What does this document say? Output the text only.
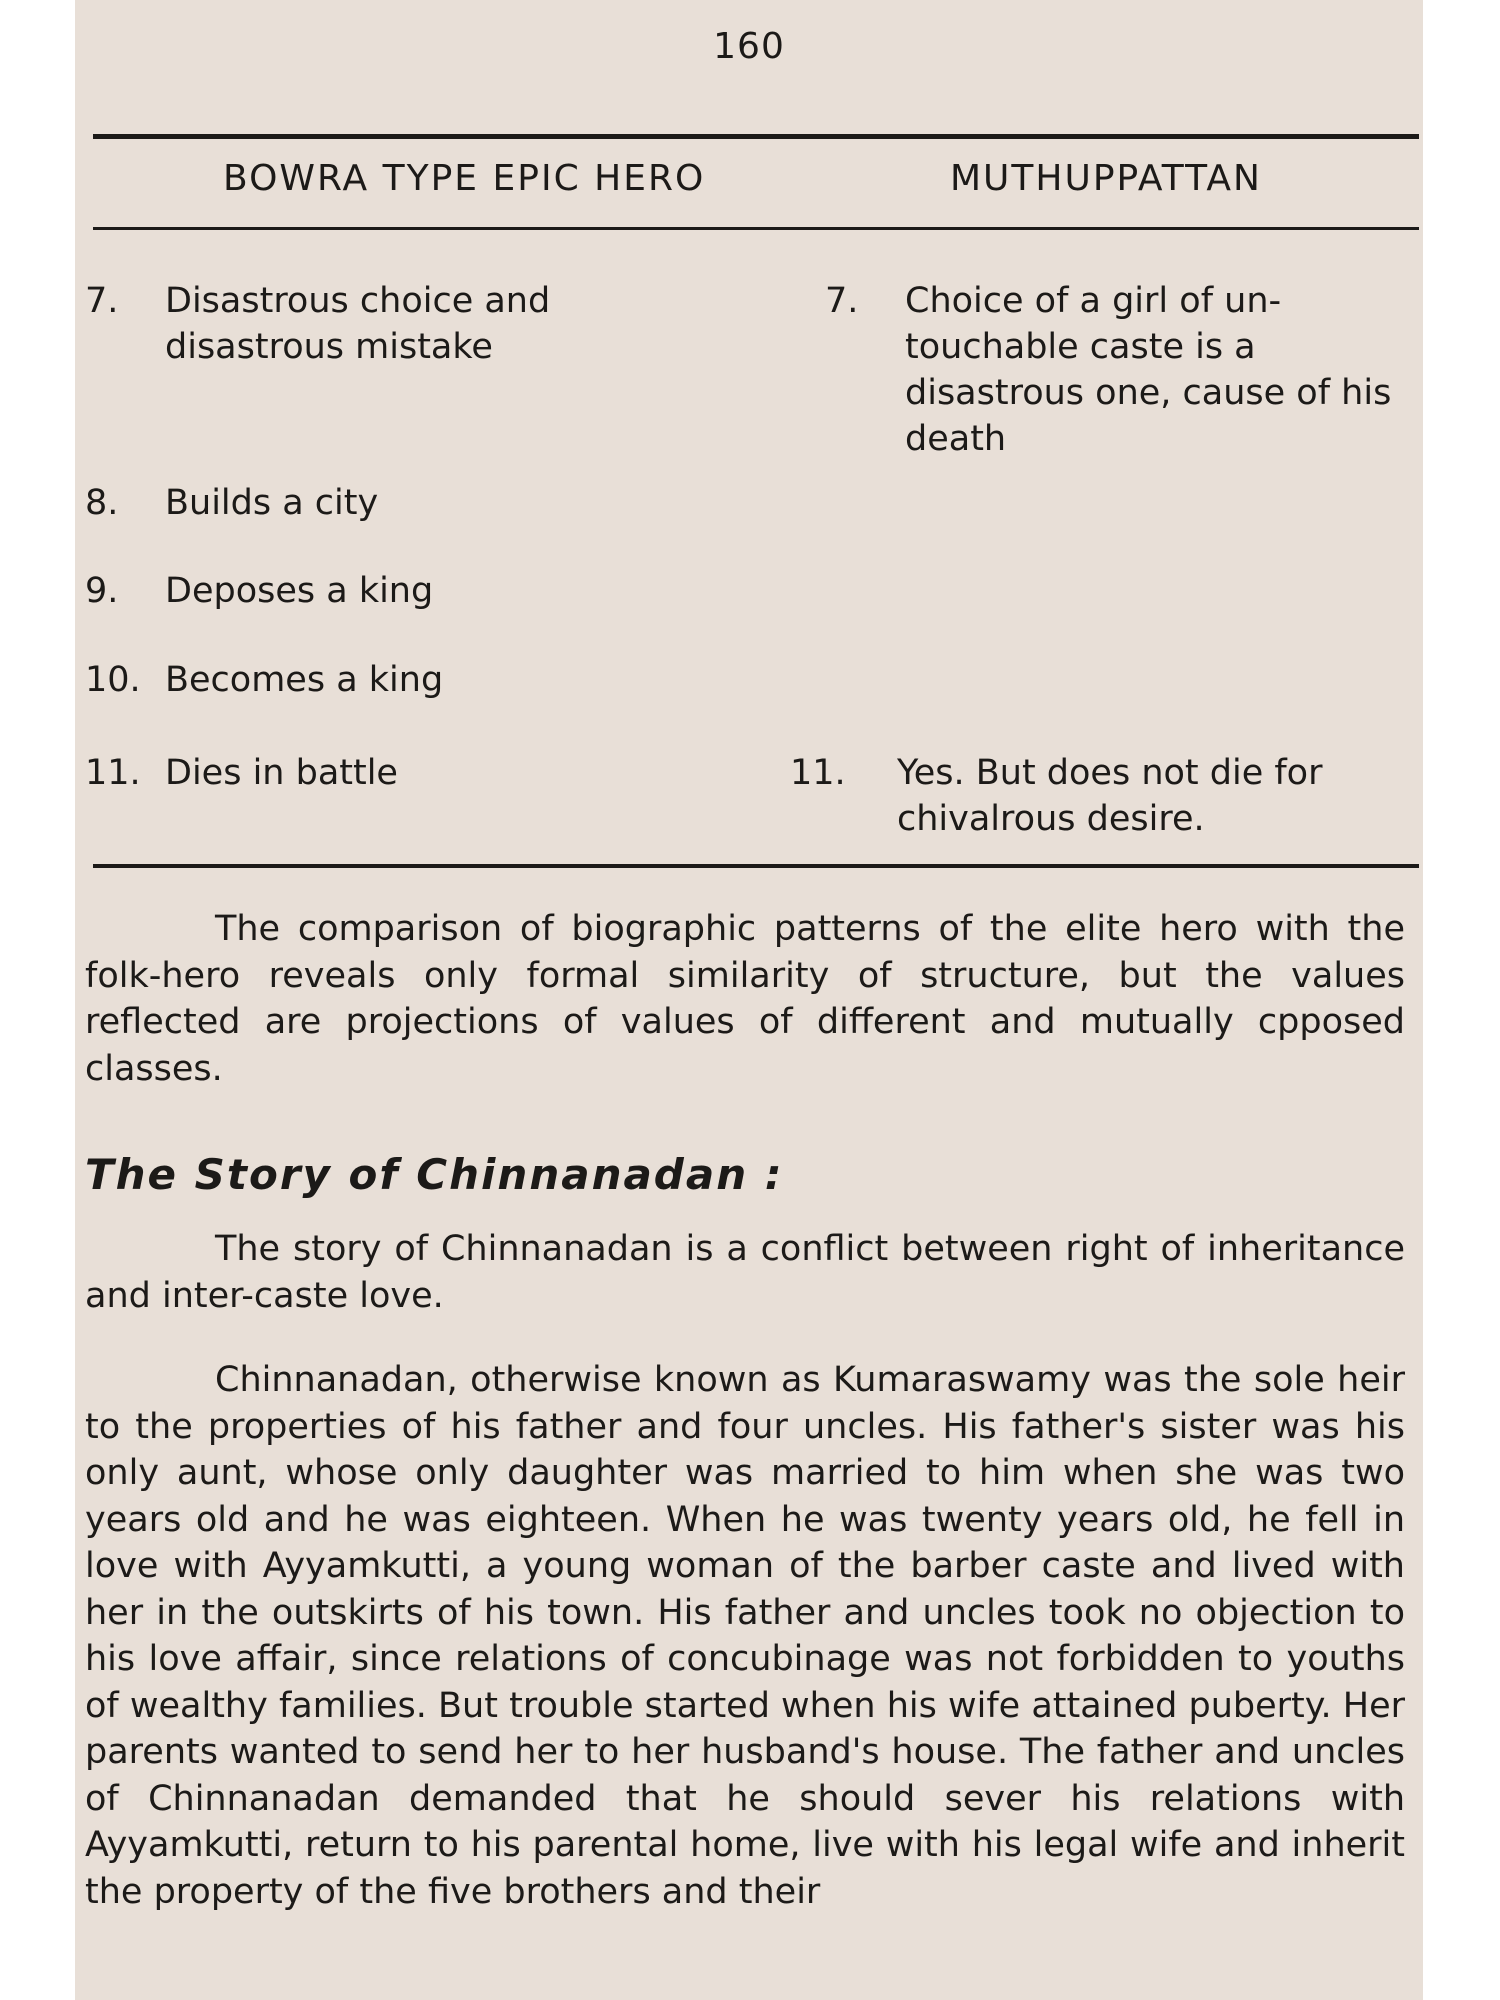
160
BOWRA TYPE EPIC HERO	MUTHUPPATTAN
7. Disastrous choice and disastrous mistake
7. Choice of a girl of un-touchable caste is a disastrous one, cause of his death
8. Builds a city
9. Deposes a king
10. Becomes a king
11. Dies in battle	11. Yes. But does not die for chivalrous desire.

The comparison of biographic patterns of the elite hero with the folk-hero reveals only formal similarity of structure, but the values reflected are projections of values of different and mutually cpposed classes.

The Story of Chinnanadan :

The story of Chinnanadan is a conflict between right of inheritance and inter-caste love.

Chinnanadan, otherwise known as Kumaraswamy was the sole heir to the properties of his father and four uncles. His father's sister was his only aunt, whose only daughter was married to him when she was two years old and he was eighteen. When he was twenty years old, he fell in love with Ayyamkutti, a young woman of the barber caste and lived with her in the outskirts of his town. His father and uncles took no objection to his love affair, since relations of concubinage was not forbidden to youths of wealthy families. But trouble started when his wife attained puberty. Her parents wanted to send her to her husband's house. The father and uncles of Chinnanadan demanded that he should sever his relations with Ayyamkutti, return to his parental home, live with his legal wife and inherit the property of the five brothers and their
